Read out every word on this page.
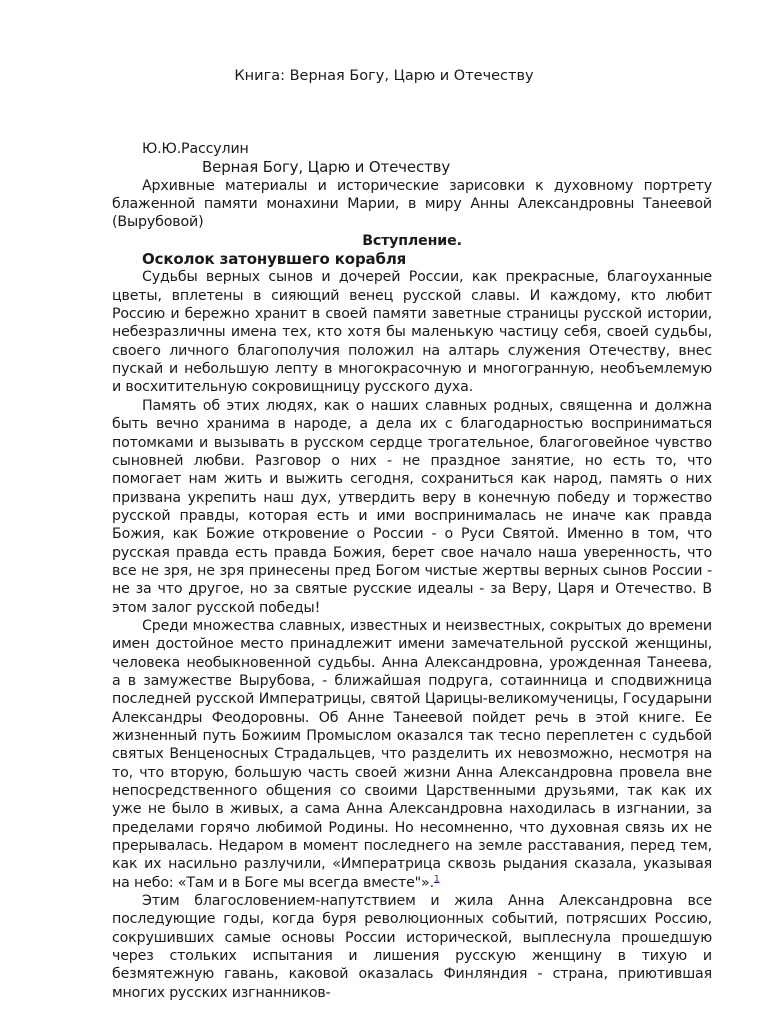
Книга: Верная Богу, Царю и Отечеству
Ю.Ю.Рассулин
Верная Богу, Царю и Отечеству

Архивные материалы и исторические зарисовки к духовному портрету блаженной памяти монахини Марии, в миру Анны Александровны Танеевой (Вырубовой)

Вступление.
Осколок затонувшего корабля

Судьбы верных сынов и дочерей России, как прекрасные, благоуханные цветы, вплетены в сияющий венец русской славы. И каждому, кто любит Россию и бережно хранит в своей памяти заветные страницы русской истории, небезразличны имена тех, кто хотя бы маленькую частицу себя, своей судьбы, своего личного благополучия положил на алтарь служения Отечеству, внес пускай и небольшую лепту в многокрасочную и многогранную, необъемлемую и восхитительную сокровищницу русского духа.

Память об этих людях, как о наших славных родных, священна и должна быть вечно хранима в народе, а дела их с благодарностью восприниматься потомками и вызывать в русском сердце трогательное, благоговейное чувство сыновней любви. Разговор о них - не праздное занятие, но есть то, что помогает нам жить и выжить сегодня, сохраниться как народ, память о них призвана укрепить наш дух, утвердить веру в конечную победу и торжество русской правды, которая есть и ими воспринималась не иначе как правда Божия, как Божие откровение о России - о Руси Святой. Именно в том, что русская правда есть правда Божия, берет свое начало наша уверенность, что все не зря, не зря принесены пред Богом чистые жертвы верных сынов России - не за что другое, но за святые русские идеалы - за Веру, Царя и Отечество. В этом залог русской победы!

Среди множества славных, известных и неизвестных, сокрытых до времени имен достойное место принадлежит имени замечательной русской женщины, человека необыкновенной судьбы. Анна Александровна, урожденная Танеева, а в замужестве Вырубова, - ближайшая подруга, сотаинница и сподвижница последней русской Императрицы, святой Царицы-великомученицы, Государыни Александры Феодоровны. Об Анне Танеевой пойдет речь в этой книге. Ее жизненный путь Божиим Промыслом оказался так тесно переплетен с судьбой святых Венценосных Страдальцев, что разделить их невозможно, несмотря на то, что вторую, большую часть своей жизни Анна Александровна провела вне непосредственного общения со своими Царственными друзьями, так как их уже не было в живых, а сама Анна Александровна находилась в изгнании, за пределами горячо любимой Родины. Но несомненно, что духовная связь их не прерывалась. Недаром в момент последнего на земле расставания, перед тем, как их насильно разлучили, «Императрица сквозь рыдания сказала, указывая на небо: «Там и в Боге мы всегда вместе"».$^1$

Этим благословением-напутствием и жила Анна Александровна все последующие годы, когда буря революционных событий, потрясших Россию, сокрушивших самые основы России исторической, выплеснула прошедшую через стольких испытания и лишения русскую женщину в тихую и безмятежную гавань, каковой оказалась Финляндия - страна, приютившая многих русских изгнанников-
